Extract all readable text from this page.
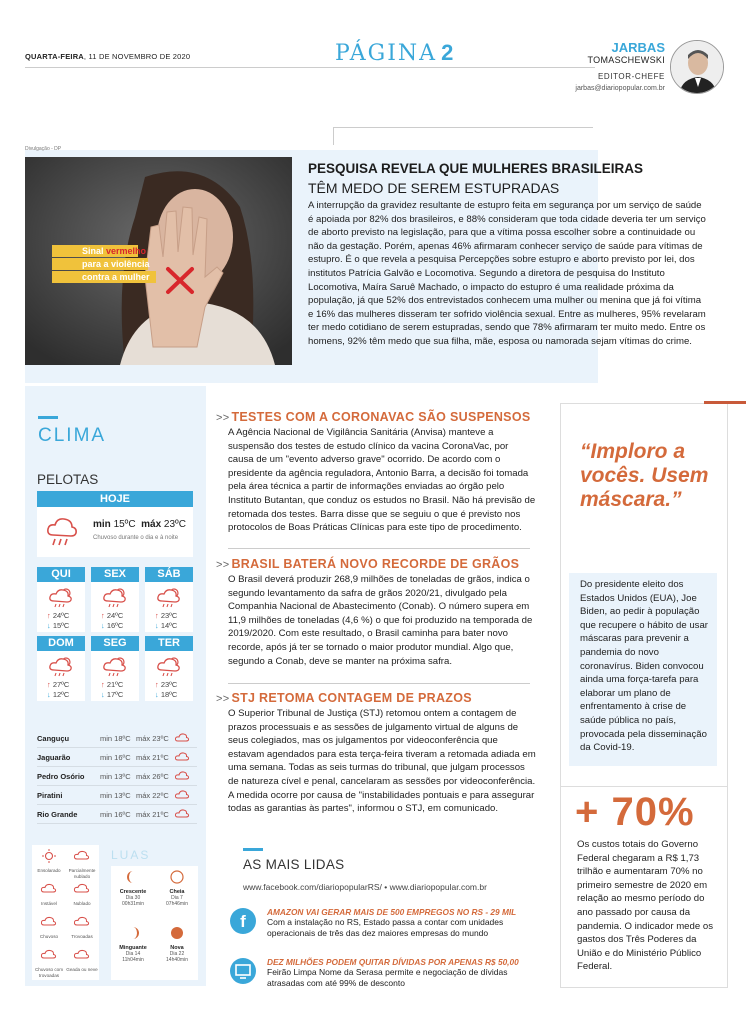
QUARTA-FEIRA, 11 DE NOVEMBRO DE 2020	PÁGINA 2	JARBAS
TOMASCHEWSKI
EDITOR-CHEFE
jarbas@diariopopular.com.br
Divulgação - DP
Sinal vermelho
para a violência
contra a mulher
PESQUISA REVELA QUE MULHERES BRASILEIRAS
TÊM MEDO DE SEREM ESTUPRADAS
A interrupção da gravidez resultante de estupro feita em segurança por um serviço de saúde é apoiada por 82% dos brasileiros, e 88% consideram que toda cidade deveria ter um serviço de aborto previsto na legislação, para que a vítima possa escolher sobre a continuidade ou não da gestação. Porém, apenas 46% afirmaram conhecer serviço de saúde para vítimas de estupro. É o que revela a pesquisa Percepções sobre estupro e aborto previsto por lei, dos institutos Patrícia Galvão e Locomotiva. Segundo a diretora de pesquisa do Instituto Locomotiva, Maíra Saruê Machado, o impacto do estupro é uma realidade próxima da população, já que 52% dos entrevistados conhecem uma mulher ou menina que já foi vítima e 16% das mulheres disseram ter sofrido violência sexual. Entre as mulheres, 95% revelaram ter medo cotidiano de serem estupradas, sendo que 78% afirmaram ter muito medo. Entre os homens, 92% têm medo que sua filha, mãe, esposa ou namorada sejam vítimas do crime.
CLIMA
PELOTAS
HOJE
min 15ºC máx 23ºC
Chuvoso durante o dia e à noite
QUI
↑ 24ºC
↓ 15ºC
SEX
↑ 24ºC
↓ 16ºC
SÁB
↑ 23ºC
↓ 14ºC
DOM
↑ 27ºC
↓ 12ºC
SEG
↑ 21ºC
↓ 17ºC
TER
↑ 23ºC
↓ 18ºC
Canguçu	min 18ºC máx 23ºC
Jaguarão	min 16ºC máx 21ºC
Pedro Osório	min 13ºC máx 26ºC
Piratini	min 13ºC máx 22ºC
Rio Grande	min 16ºC máx 21ºC
Ensolarado	Parcialmente nublado
Instável	Nublado
Chuvoso	Trovoadas
Chuvoso com trovoadas
Geada ou neve
LUAS
Crescente
Dia 30
00h31min
Cheia
Dia 7
07h46min
Minguante
Dia 14
11h04min
Nova
Dia 22
14h40min
>> TESTES COM A CORONAVAC SÃO SUSPENSOS
A Agência Nacional de Vigilância Sanitária (Anvisa) manteve a suspensão dos testes de estudo clínico da vacina CoronaVac, por causa de um "evento adverso grave" ocorrido. De acordo com o presidente da agência reguladora, Antonio Barra, a decisão foi tomada pela área técnica a partir de informações enviadas ao órgão pelo Instituto Butantan, que conduz os estudos no Brasil. Não há previsão de retomada dos testes. Barra disse que se seguiu o que é previsto nos protocolos de Boas Práticas Clínicas para este tipo de procedimento.
>> BRASIL BATERÁ NOVO RECORDE DE GRÃOS
O Brasil deverá produzir 268,9 milhões de toneladas de grãos, indica o segundo levantamento da safra de grãos 2020/21, divulgado pela Companhia Nacional de Abastecimento (Conab). O número supera em 11,9 milhões de toneladas (4,6 %) o que foi produzido na temporada de 2019/2020. Com este resultado, o Brasil caminha para bater novo recorde, após já ter se tornado o maior produtor mundial. Algo que, segundo a Conab, deve se manter na próxima safra.
>> STJ RETOMA CONTAGEM DE PRAZOS
O Superior Tribunal de Justiça (STJ) retomou ontem a contagem de prazos processuais e as sessões de julgamento virtual de alguns de seus colegiados, mas os julgamentos por videoconferência que estavam agendados para esta terça-feira tiveram a retomada adiada em uma semana. Todas as seis turmas do tribunal, que julgam processos de natureza cível e penal, cancelaram as sessões por videoconferência. A medida ocorre por causa de "instabilidades pontuais e para assegurar todas as garantias às partes", informou o STJ, em comunicado.
AS MAIS LIDAS
www.facebook.com/diariopopularRS/ • www.diariopopular.com.br
f	AMAZON VAI GERAR MAIS DE 500 EMPREGOS NO RS - 29 MIL
Com a instalação no RS, Estado passa a contar com unidades operacionais de três das dez maiores empresas do mundo
DEZ MILHÕES PODEM QUITAR DÍVIDAS POR APENAS R$ 50,00
Feirão Limpa Nome da Serasa permite e negociação de dívidas atrasadas com até 99% de desconto
“Imploro a vocês. Usem máscara.”
Do presidente eleito dos Estados Unidos (EUA), Joe Biden, ao pedir à população que recupere o hábito de usar máscaras para prevenir a pandemia do novo coronavírus. Biden convocou ainda uma força-tarefa para elaborar um plano de enfrentamento à crise de saúde pública no país, provocada pela disseminação da Covid-19.
+ 70%
Os custos totais do Governo Federal chegaram a R$ 1,73 trilhão e aumentaram 70% no primeiro semestre de 2020 em relação ao mesmo período do ano passado por causa da pandemia. O indicador mede os gastos dos Três Poderes da União e do Ministério Público Federal.
